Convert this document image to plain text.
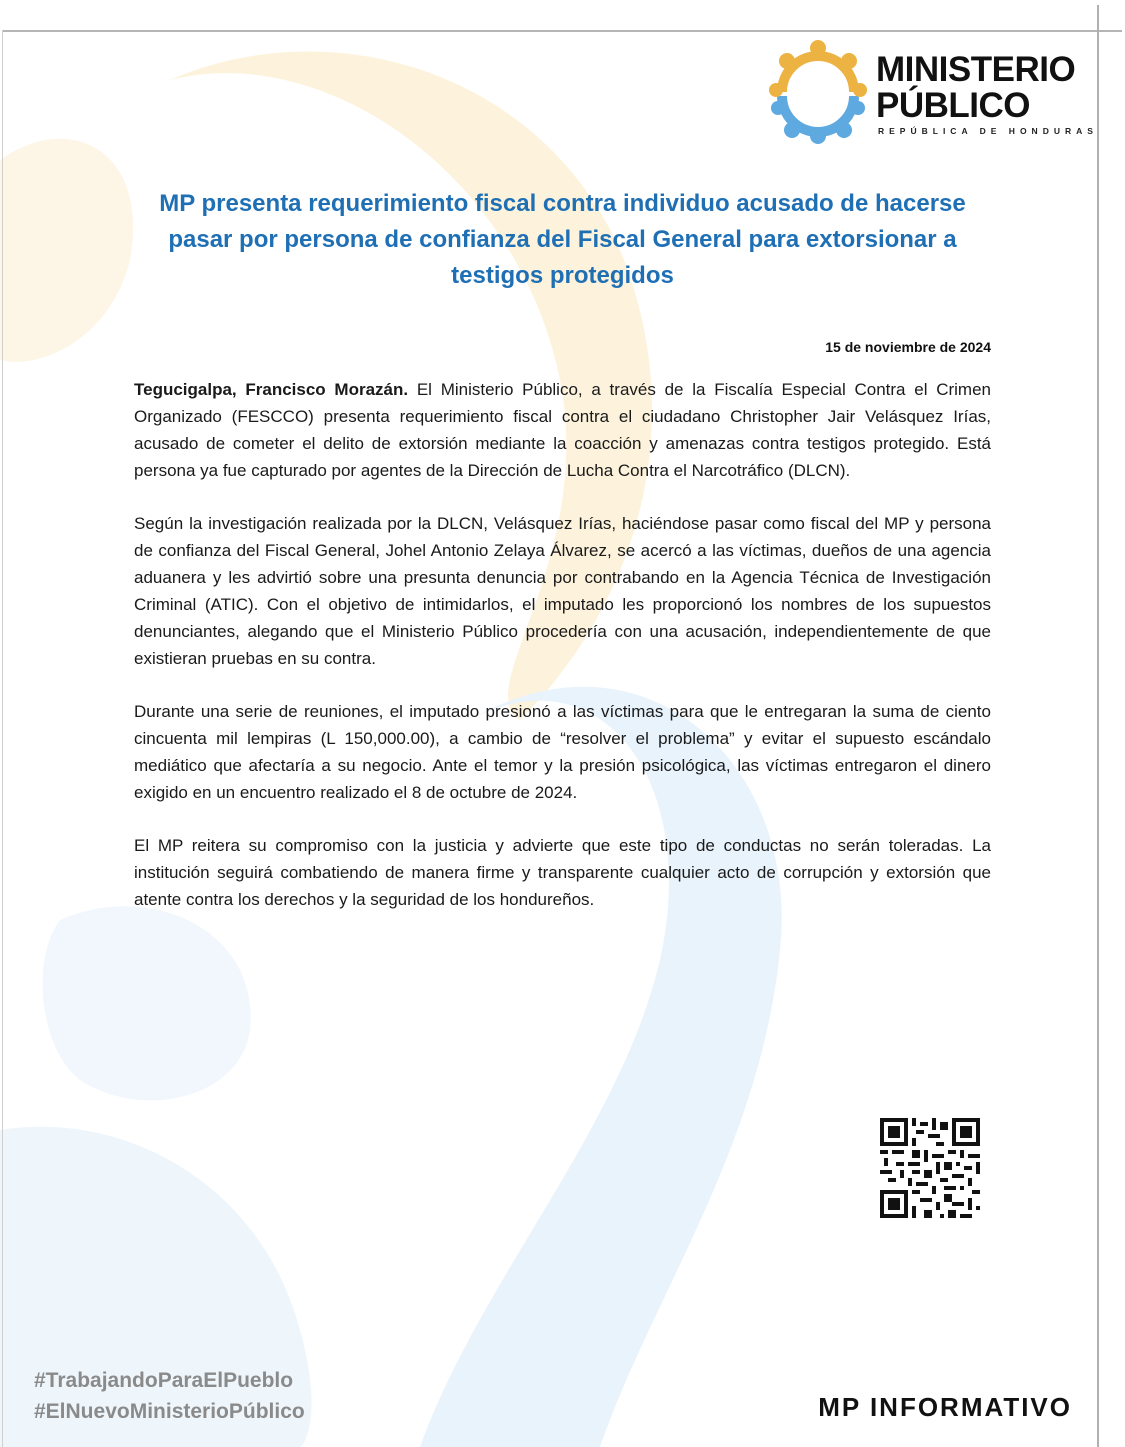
MINISTERIO
PÚBLICO
REPÚBLICA DE HONDURAS
MP presenta requerimiento fiscal contra individuo acusado de hacerse pasar por persona de confianza del Fiscal General para extorsionar a testigos protegidos
15 de noviembre de 2024

Tegucigalpa, Francisco Morazán. El Ministerio Público, a través de la Fiscalía Especial Contra el Crimen Organizado (FESCCO) presenta requerimiento fiscal contra el ciudadano Christopher Jair Velásquez Irías, acusado de cometer el delito de extorsión mediante la coacción y amenazas contra testigos protegido. Está persona ya fue capturado por agentes de la Dirección de Lucha Contra el Narcotráfico (DLCN).

Según la investigación realizada por la DLCN, Velásquez Irías, haciéndose pasar como fiscal del MP y persona de confianza del Fiscal General, Johel Antonio Zelaya Álvarez, se acercó a las víctimas, dueños de una agencia aduanera y les advirtió sobre una presunta denuncia por contrabando en la Agencia Técnica de Investigación Criminal (ATIC). Con el objetivo de intimidarlos, el imputado les proporcionó los nombres de los supuestos denunciantes, alegando que el Ministerio Público procedería con una acusación, independientemente de que existieran pruebas en su contra.

Durante una serie de reuniones, el imputado presionó a las víctimas para que le entregaran la suma de ciento cincuenta mil lempiras (L 150,000.00), a cambio de “resolver el problema” y evitar el supuesto escándalo mediático que afectaría a su negocio. Ante el temor y la presión psicológica, las víctimas entregaron el dinero exigido en un encuentro realizado el 8 de octubre de 2024.

El MP reitera su compromiso con la justicia y advierte que este tipo de conductas no serán toleradas. La institución seguirá combatiendo de manera firme y transparente cualquier acto de corrupción y extorsión que atente contra los derechos y la seguridad de los hondureños.

#TrabajandoParaElPueblo
#ElNuevoMinisterioPúblico	MP INFORMATIVO
